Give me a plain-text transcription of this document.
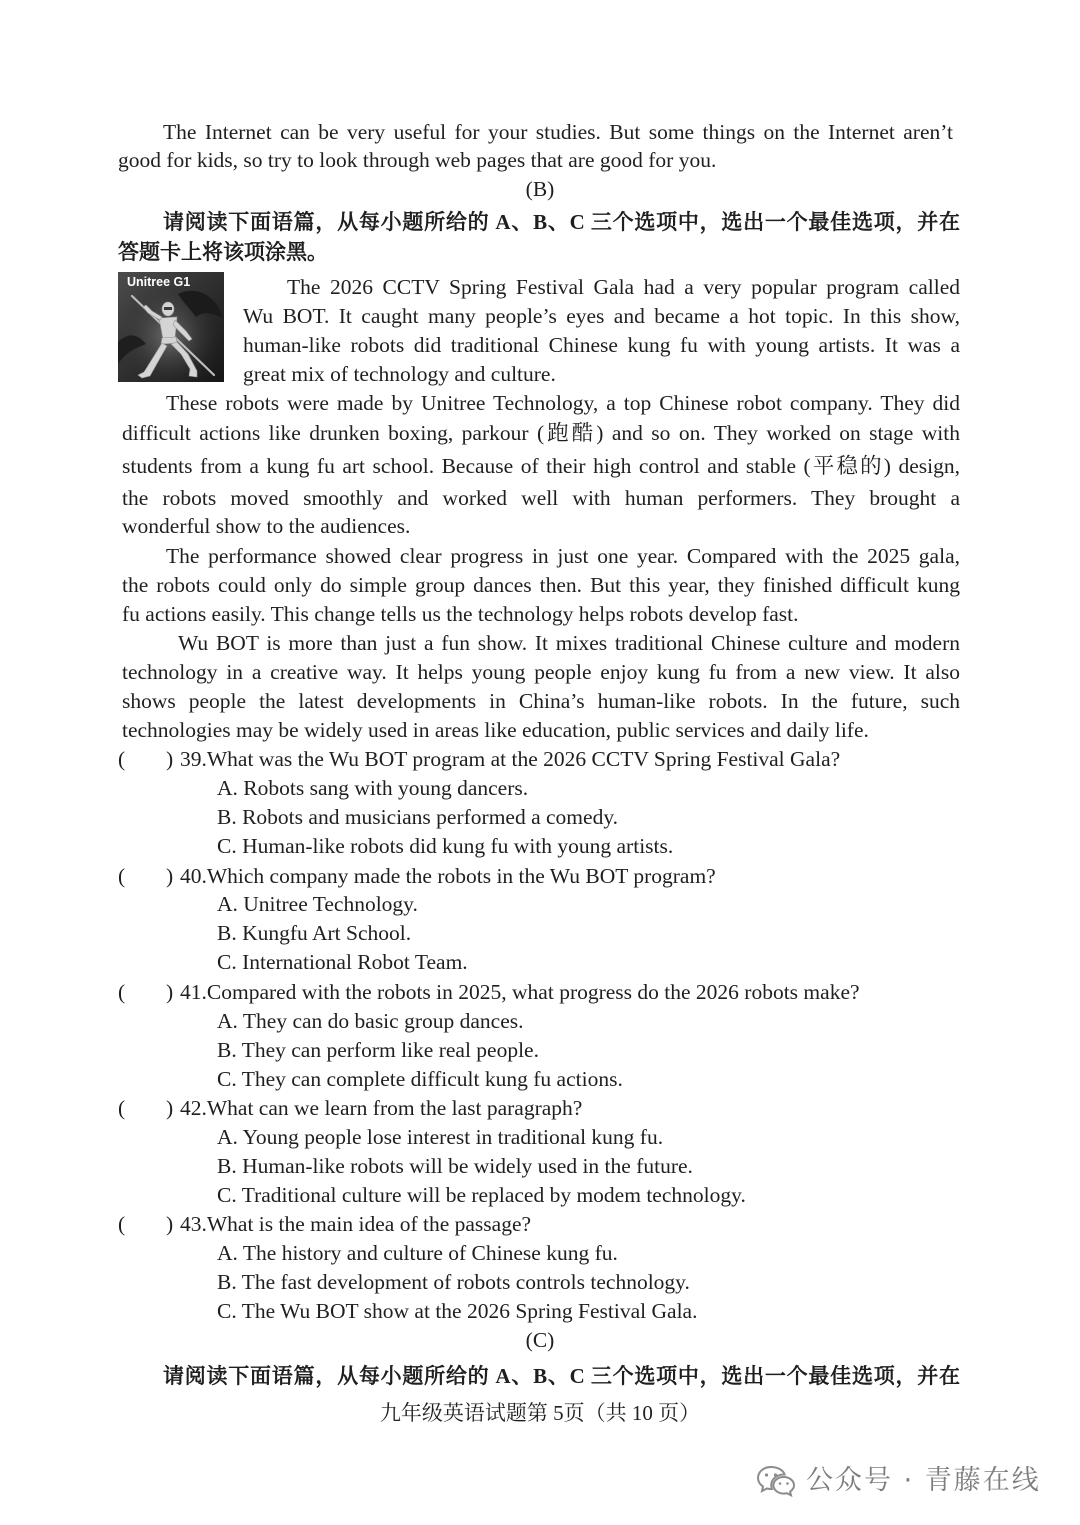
The Internet can be very useful for your studies. But some things on the Internet aren’t
good for kids, so try to look through web pages that are good for you.
(B)
请阅读下面语篇，从每小题所给的 A、B、C 三个选项中，选出一个最佳选项，并在
答题卡上将该项涂黑。
Unitree G1	The 2026 CCTV Spring Festival Gala had a very popular program called
Wu BOT. It caught many people’s eyes and became a hot topic. In this show,
human-like robots did traditional Chinese kung fu with young artists. It was a
great mix of technology and culture.
These robots were made by Unitree Technology, a top Chinese robot company. They did
difficult actions like drunken boxing, parkour (跑酷) and so on. They worked on stage with
students from a kung fu art school. Because of their high control and stable (平稳的) design,
the robots moved smoothly and worked well with human performers. They brought a
wonderful show to the audiences.
The performance showed clear progress in just one year. Compared with the 2025 gala,
the robots could only do simple group dances then. But this year, they finished difficult kung
fu actions easily. This change tells us the technology helps robots develop fast.
Wu BOT is more than just a fun show. It mixes traditional Chinese culture and modern
technology in a creative way. It helps young people enjoy kung fu from a new view. It also
shows people the latest developments in China’s human-like robots. In the future, such
technologies may be widely used in areas like education, public services and daily life.
( ) 39.What was the Wu BOT program at the 2026 CCTV Spring Festival Gala?
A. Robots sang with young dancers.
B. Robots and musicians performed a comedy.
C. Human-like robots did kung fu with young artists.
( ) 40.Which company made the robots in the Wu BOT program?
A. Unitree Technology.
B. Kungfu Art School.
C. International Robot Team.
( ) 41.Compared with the robots in 2025, what progress do the 2026 robots make?
A. They can do basic group dances.
B. They can perform like real people.
C. They can complete difficult kung fu actions.
( ) 42.What can we learn from the last paragraph?
A. Young people lose interest in traditional kung fu.
B. Human-like robots will be widely used in the future.
C. Traditional culture will be replaced by modem technology.
( ) 43.What is the main idea of the passage?
A. The history and culture of Chinese kung fu.
B. The fast development of robots controls technology.
C. The Wu BOT show at the 2026 Spring Festival Gala.
(C)
请阅读下面语篇，从每小题所给的 A、B、C 三个选项中，选出一个最佳选项，并在
九年级英语试题第 5页（共 10 页）
公众号 · 青藤在线
